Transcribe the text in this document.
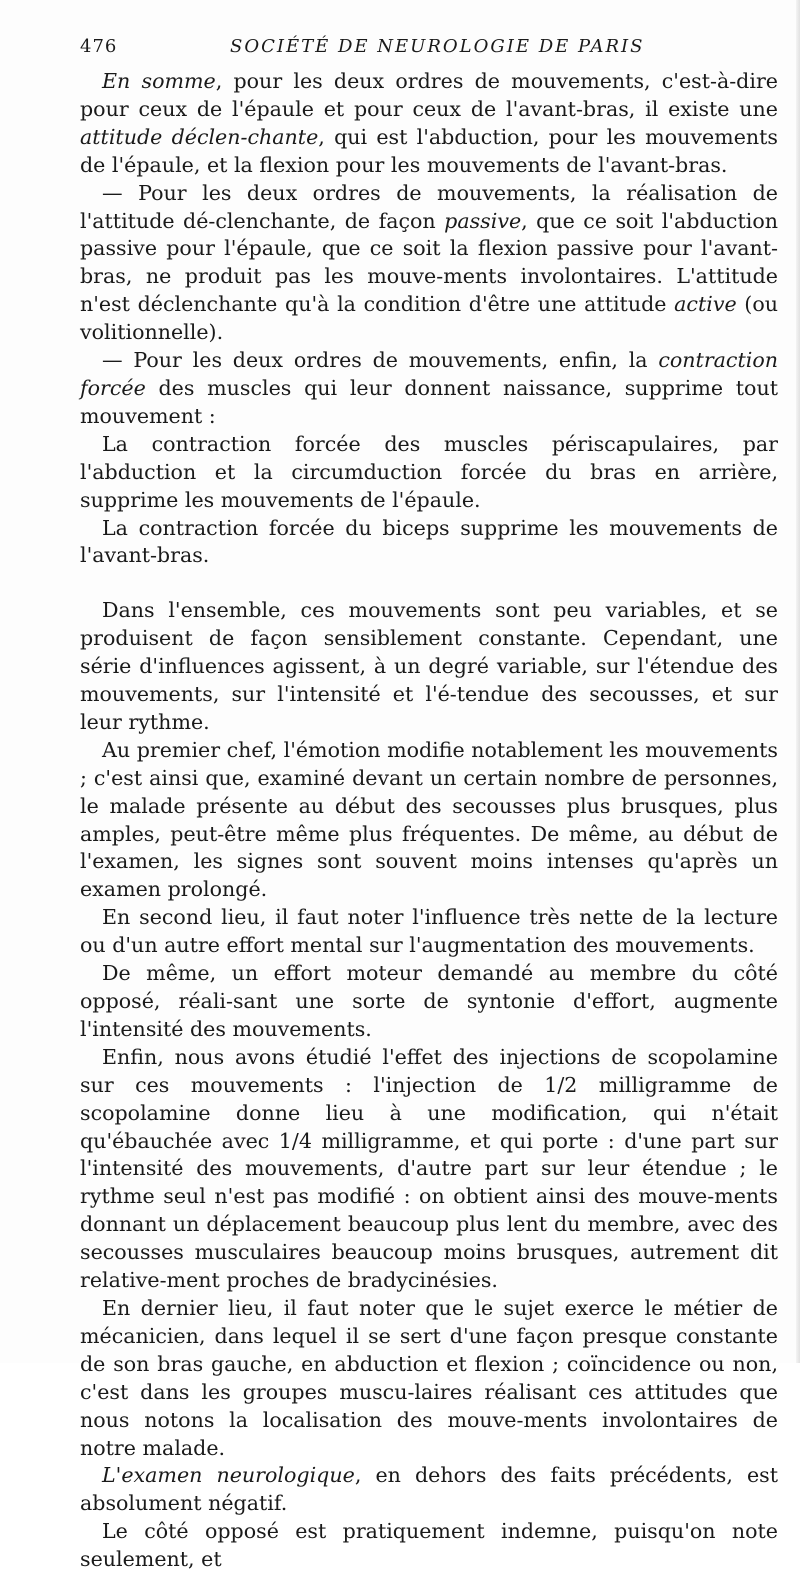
476	SOCIÉTÉ DE NEUROLOGIE DE PARIS

En somme, pour les deux ordres de mouvements, c'est-à-dire pour ceux de l'épaule et pour ceux de l'avant-bras, il existe une attitude déclen-chante, qui est l'abduction, pour les mouvements de l'épaule, et la flexion pour les mouvements de l'avant-bras.

— Pour les deux ordres de mouvements, la réalisation de l'attitude dé-clenchante, de façon passive, que ce soit l'abduction passive pour l'épaule, que ce soit la flexion passive pour l'avant-bras, ne produit pas les mouve-ments involontaires. L'attitude n'est déclenchante qu'à la condition d'être une attitude active (ou volitionnelle).

— Pour les deux ordres de mouvements, enfin, la contraction forcée des muscles qui leur donnent naissance, supprime tout mouvement :

La contraction forcée des muscles périscapulaires, par l'abduction et la circumduction forcée du bras en arrière, supprime les mouvements de l'épaule.

La contraction forcée du biceps supprime les mouvements de l'avant-bras.

Dans l'ensemble, ces mouvements sont peu variables, et se produisent de façon sensiblement constante. Cependant, une série d'influences agissent, à un degré variable, sur l'étendue des mouvements, sur l'intensité et l'é-tendue des secousses, et sur leur rythme.

Au premier chef, l'émotion modifie notablement les mouvements ; c'est ainsi que, examiné devant un certain nombre de personnes, le malade présente au début des secousses plus brusques, plus amples, peut-être même plus fréquentes. De même, au début de l'examen, les signes sont souvent moins intenses qu'après un examen prolongé.

En second lieu, il faut noter l'influence très nette de la lecture ou d'un autre effort mental sur l'augmentation des mouvements.

De même, un effort moteur demandé au membre du côté opposé, réali-sant une sorte de syntonie d'effort, augmente l'intensité des mouvements.

Enfin, nous avons étudié l'effet des injections de scopolamine sur ces mouvements : l'injection de 1/2 milligramme de scopolamine donne lieu à une modification, qui n'était qu'ébauchée avec 1/4 milligramme, et qui porte : d'une part sur l'intensité des mouvements, d'autre part sur leur étendue ; le rythme seul n'est pas modifié : on obtient ainsi des mouve-ments donnant un déplacement beaucoup plus lent du membre, avec des secousses musculaires beaucoup moins brusques, autrement dit relative-ment proches de bradycinésies.

En dernier lieu, il faut noter que le sujet exerce le métier de mécanicien, dans lequel il se sert d'une façon presque constante de son bras gauche, en abduction et flexion ; coïncidence ou non, c'est dans les groupes muscu-laires réalisant ces attitudes que nous notons la localisation des mouve-ments involontaires de notre malade.

L'examen neurologique, en dehors des faits précédents, est absolument négatif.

Le côté opposé est pratiquement indemne, puisqu'on note seulement, et
